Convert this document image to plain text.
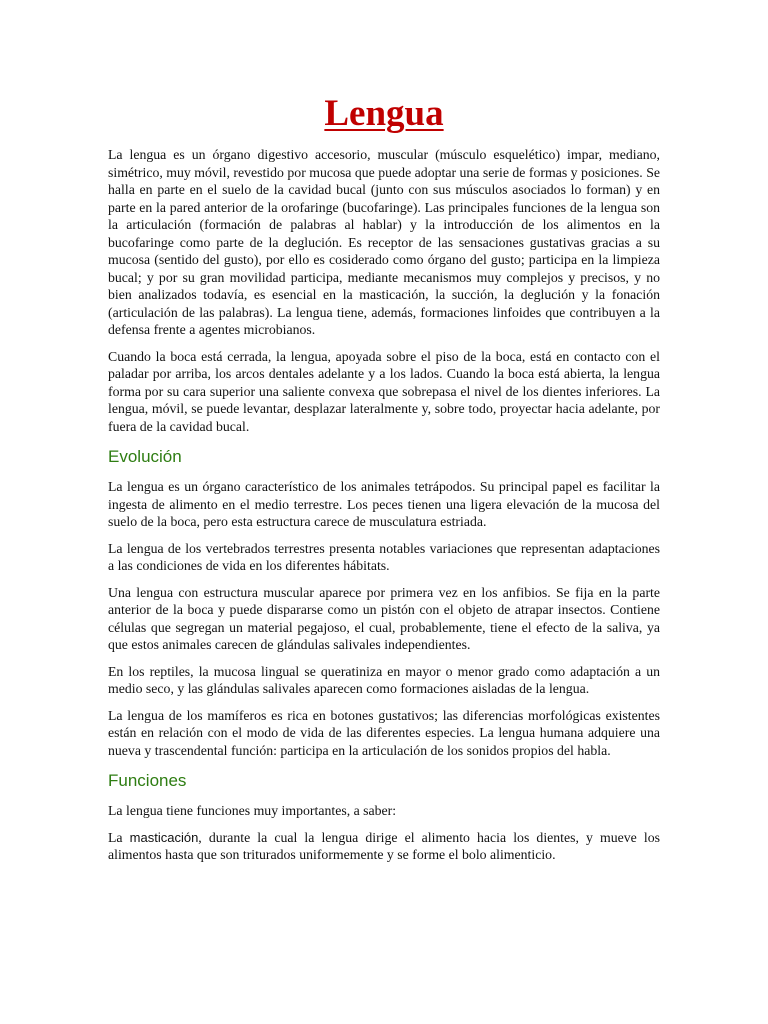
Lengua

La lengua es un órgano digestivo accesorio, muscular (músculo esquelético) impar, mediano, simétrico, muy móvil, revestido por mucosa que puede adoptar una serie de formas y posiciones. Se halla en parte en el suelo de la cavidad bucal (junto con sus músculos asociados lo forman) y en parte en la pared anterior de la orofaringe (bucofaringe). Las principales funciones de la lengua son la articulación (formación de palabras al hablar) y la introducción de los alimentos en la bucofaringe como parte de la deglución. Es receptor de las sensaciones gustativas gracias a su mucosa (sentido del gusto), por ello es cosiderado como órgano del gusto; participa en la limpieza bucal; y por su gran movilidad participa, mediante mecanismos muy complejos y precisos, y no bien analizados todavía, es esencial en la masticación, la succión, la deglución y la fonación (articulación de las palabras). La lengua tiene, además, formaciones linfoides que contribuyen a la defensa frente a agentes microbianos.

Cuando la boca está cerrada, la lengua, apoyada sobre el piso de la boca, está en contacto con el paladar por arriba, los arcos dentales adelante y a los lados. Cuando la boca está abierta, la lengua forma por su cara superior una saliente convexa que sobrepasa el nivel de los dientes inferiores. La lengua, móvil, se puede levantar, desplazar lateralmente y, sobre todo, proyectar hacia adelante, por fuera de la cavidad bucal.

Evolución

La lengua es un órgano característico de los animales tetrápodos. Su principal papel es facilitar la ingesta de alimento en el medio terrestre. Los peces tienen una ligera elevación de la mucosa del suelo de la boca, pero esta estructura carece de musculatura estriada.

La lengua de los vertebrados terrestres presenta notables variaciones que representan adaptaciones a las condiciones de vida en los diferentes hábitats.

Una lengua con estructura muscular aparece por primera vez en los anfibios. Se fija en la parte anterior de la boca y puede dispararse como un pistón con el objeto de atrapar insectos. Contiene células que segregan un material pegajoso, el cual, probablemente, tiene el efecto de la saliva, ya que estos animales carecen de glándulas salivales independientes.

En los reptiles, la mucosa lingual se queratiniza en mayor o menor grado como adaptación a un medio seco, y las glándulas salivales aparecen como formaciones aisladas de la lengua.

La lengua de los mamíferos es rica en botones gustativos; las diferencias morfológicas existentes están en relación con el modo de vida de las diferentes especies. La lengua humana adquiere una nueva y trascendental función: participa en la articulación de los sonidos propios del habla.

Funciones

La lengua tiene funciones muy importantes, a saber:

La masticación, durante la cual la lengua dirige el alimento hacia los dientes, y mueve los alimentos hasta que son triturados uniformemente y se forme el bolo alimenticio.
